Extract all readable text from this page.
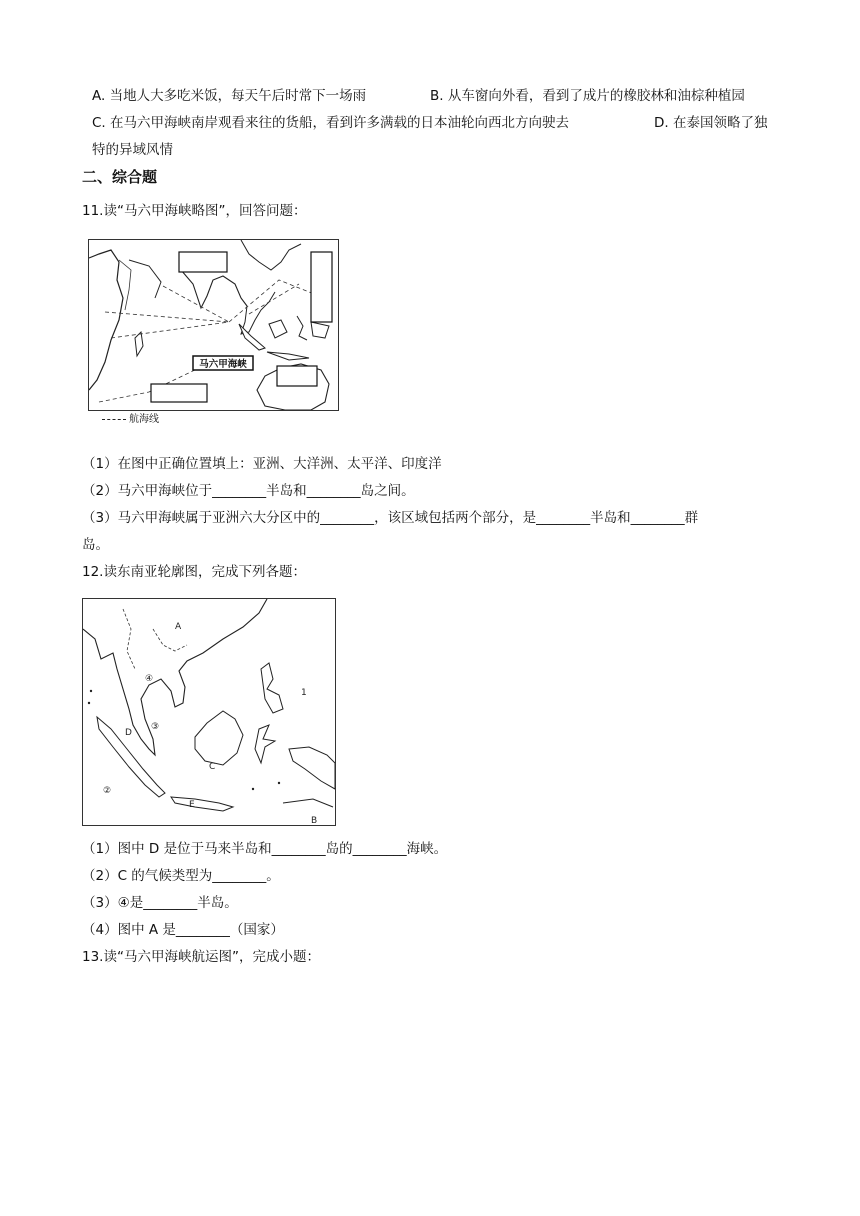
A. 当地人大多吃米饭，每天午后时常下一场雨	B. 从车窗向外看，看到了成片的橡胶林和油棕种植园
C. 在马六甲海峡南岸观看来往的货船，看到许多满载的日本油轮向西北方向驶去	D. 在泰国领略了独
特的异域风情
二、综合题
11.读“马六甲海峡略图”，回答问题：
马六甲海峡
航海线
（1）在图中正确位置填上：亚洲、大洋洲、太平洋、印度洋
（2）马六甲海峡位于________半岛和________岛之间。
（3）马六甲海峡属于亚洲六大分区中的________，该区域包括两个部分，是________半岛和________群
岛。
12.读东南亚轮廓图，完成下列各题：
A
B
C
D
E
1
②
③
④
（1）图中 D 是位于马来半岛和________岛的________海峡。
（2）C 的气候类型为________。
（3）④是________半岛。
（4）图中 A 是________（国家）
13.读“马六甲海峡航运图”，完成小题：
